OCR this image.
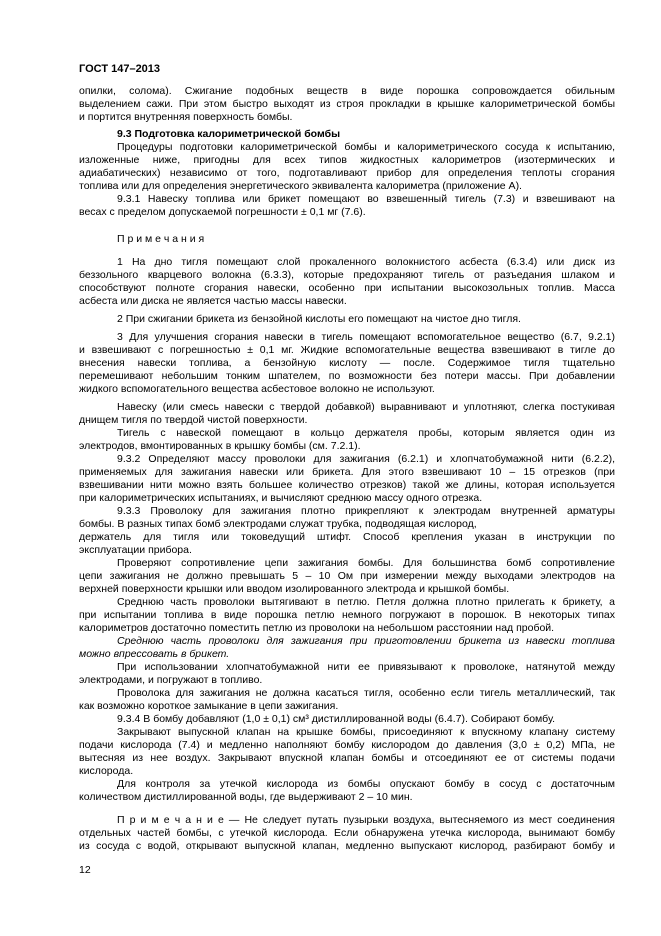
ГОСТ 147–2013
опилки, солома). Сжигание подобных веществ в виде порошка сопровождается обильным
выделением сажи. При этом быстро выходят из строя прокладки в крышке калориметрической бомбы
и портится внутренняя поверхность бомбы.
9.3 Подготовка калориметрической бомбы
Процедуры подготовки калориметрической бомбы и калориметрического сосуда к испытанию,
изложенные ниже, пригодны для всех типов жидкостных калориметров (изотермических и
адиабатических) независимо от того, подготавливают прибор для определения теплоты сгорания
топлива или для определения энергетического эквивалента калориметра (приложение А).
9.3.1 Навеску топлива или брикет помещают во взвешенный тигель (7.3) и взвешивают на
весах с пределом допускаемой погрешности ± 0,1 мг (7.6).
П р и м е ч а н и я
1 На дно тигля помещают слой прокаленного волокнистого асбеста (6.3.4) или диск из
беззольного кварцевого волокна (6.3.3), которые предохраняют тигель от разъедания шлаком и
способствуют полноте сгорания навески, особенно при испытании высокозольных топлив. Масса
асбеста или диска не является частью массы навески.
2 При сжигании брикета из бензойной кислоты его помещают на чистое дно тигля.
3 Для улучшения сгорания навески в тигель помещают вспомогательное вещество (6.7, 9.2.1)
и взвешивают с погрешностью ± 0,1 мг. Жидкие вспомогательные вещества взвешивают в тигле до
внесения навески топлива, а бензойную кислоту — после. Содержимое тигля тщательно
перемешивают небольшим тонким шпателем, по возможности без потери массы. При добавлении
жидкого вспомогательного вещества асбестовое волокно не используют.
Навеску (или смесь навески с твердой добавкой) выравнивают и уплотняют, слегка постукивая
днищем тигля по твердой чистой поверхности.
Тигель с навеской помещают в кольцо держателя пробы, которым является один из
электродов, вмонтированных в крышку бомбы (см. 7.2.1).
9.3.2 Определяют массу проволоки для зажигания (6.2.1) и хлопчатобумажной нити (6.2.2),
применяемых для зажигания навески или брикета. Для этого взвешивают 10 – 15 отрезков (при
взвешивании нити можно взять большее количество отрезков) такой же длины, которая используется
при калориметрических испытаниях, и вычисляют среднюю массу одного отрезка.
9.3.3 Проволоку для зажигания плотно прикрепляют к электродам внутренней арматуры
бомбы. В разных типах бомб электродами служат трубка, подводящая кислород,
держатель для тигля или токоведущий штифт. Способ крепления указан в инструкции по
эксплуатации прибора.
Проверяют сопротивление цепи зажигания бомбы. Для большинства бомб сопротивление
цепи зажигания не должно превышать 5 – 10 Ом при измерении между выходами электродов на
верхней поверхности крышки или вводом изолированного электрода и крышкой бомбы.
Среднюю часть проволоки вытягивают в петлю. Петля должна плотно прилегать к брикету, а
при испытании топлива в виде порошка петлю немного погружают в порошок. В некоторых типах
калориметров достаточно поместить петлю из проволоки на небольшом расстоянии над пробой.
Среднюю часть проволоки для зажигания при приготовлении брикета из навески топлива
можно впрессовать в брикет.
При использовании хлопчатобумажной нити ее привязывают к проволоке, натянутой между
электродами, и погружают в топливо.
Проволока для зажигания не должна касаться тигля, особенно если тигель металлический, так
как возможно короткое замыкание в цепи зажигания.
9.3.4 В бомбу добавляют (1,0 ± 0,1) см³ дистиллированной воды (6.4.7). Собирают бомбу.
Закрывают выпускной клапан на крышке бомбы, присоединяют к впускному клапану систему
подачи кислорода (7.4) и медленно наполняют бомбу кислородом до давления (3,0 ± 0,2) МПа, не
вытесняя из нее воздух. Закрывают впускной клапан бомбы и отсоединяют ее от системы подачи
кислорода.
Для контроля за утечкой кислорода из бомбы опускают бомбу в сосуд с достаточным
количеством дистиллированной воды, где выдерживают 2 – 10 мин.
П р и м е ч а н и е — Не следует путать пузырьки воздуха, вытесняемого из мест соединения
отдельных частей бомбы, с утечкой кислорода. Если обнаружена утечка кислорода, вынимают бомбу
из сосуда с водой, открывают выпускной клапан, медленно выпускают кислород, разбирают бомбу и
12
